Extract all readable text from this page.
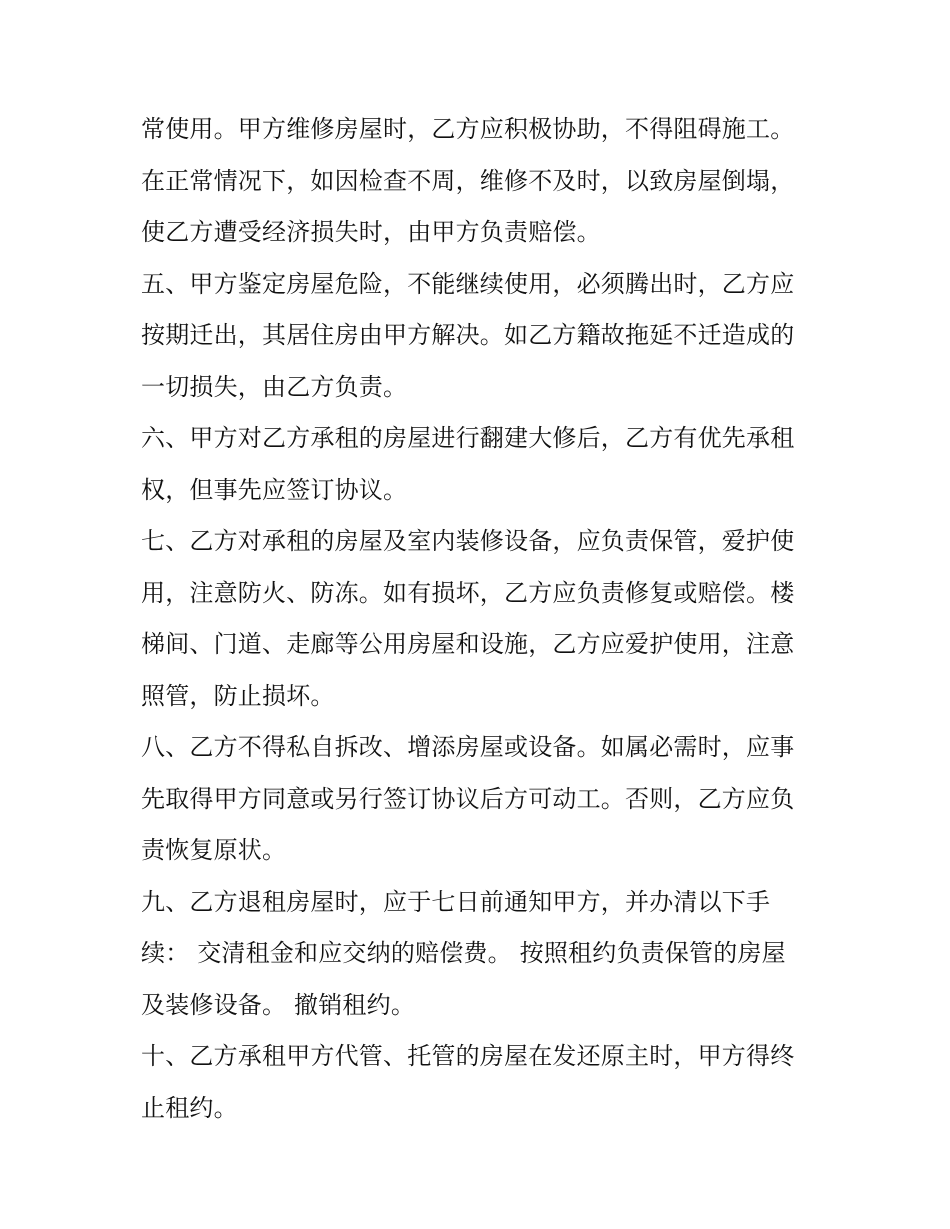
常使用。甲方维修房屋时，乙方应积极协助，不得阻碍施工。
在正常情况下，如因检查不周，维修不及时，以致房屋倒塌，
使乙方遭受经济损失时，由甲方负责赔偿。
五、甲方鉴定房屋危险，不能继续使用，必须腾出时，乙方应
按期迁出，其居住房由甲方解决。如乙方籍故拖延不迁造成的
一切损失，由乙方负责。
六、甲方对乙方承租的房屋进行翻建大修后，乙方有优先承租
权，但事先应签订协议。
七、乙方对承租的房屋及室内装修设备，应负责保管，爱护使
用，注意防火、防冻。如有损坏，乙方应负责修复或赔偿。楼
梯间、门道、走廊等公用房屋和设施，乙方应爱护使用，注意
照管，防止损坏。
八、乙方不得私自拆改、增添房屋或设备。如属必需时，应事
先取得甲方同意或另行签订协议后方可动工。否则，乙方应负
责恢复原状。
九、乙方退租房屋时，应于七日前通知甲方，并办清以下手
续： 交清租金和应交纳的赔偿费。 按照租约负责保管的房屋
及装修设备。 撤销租约。
十、乙方承租甲方代管、托管的房屋在发还原主时，甲方得终
止租约。
